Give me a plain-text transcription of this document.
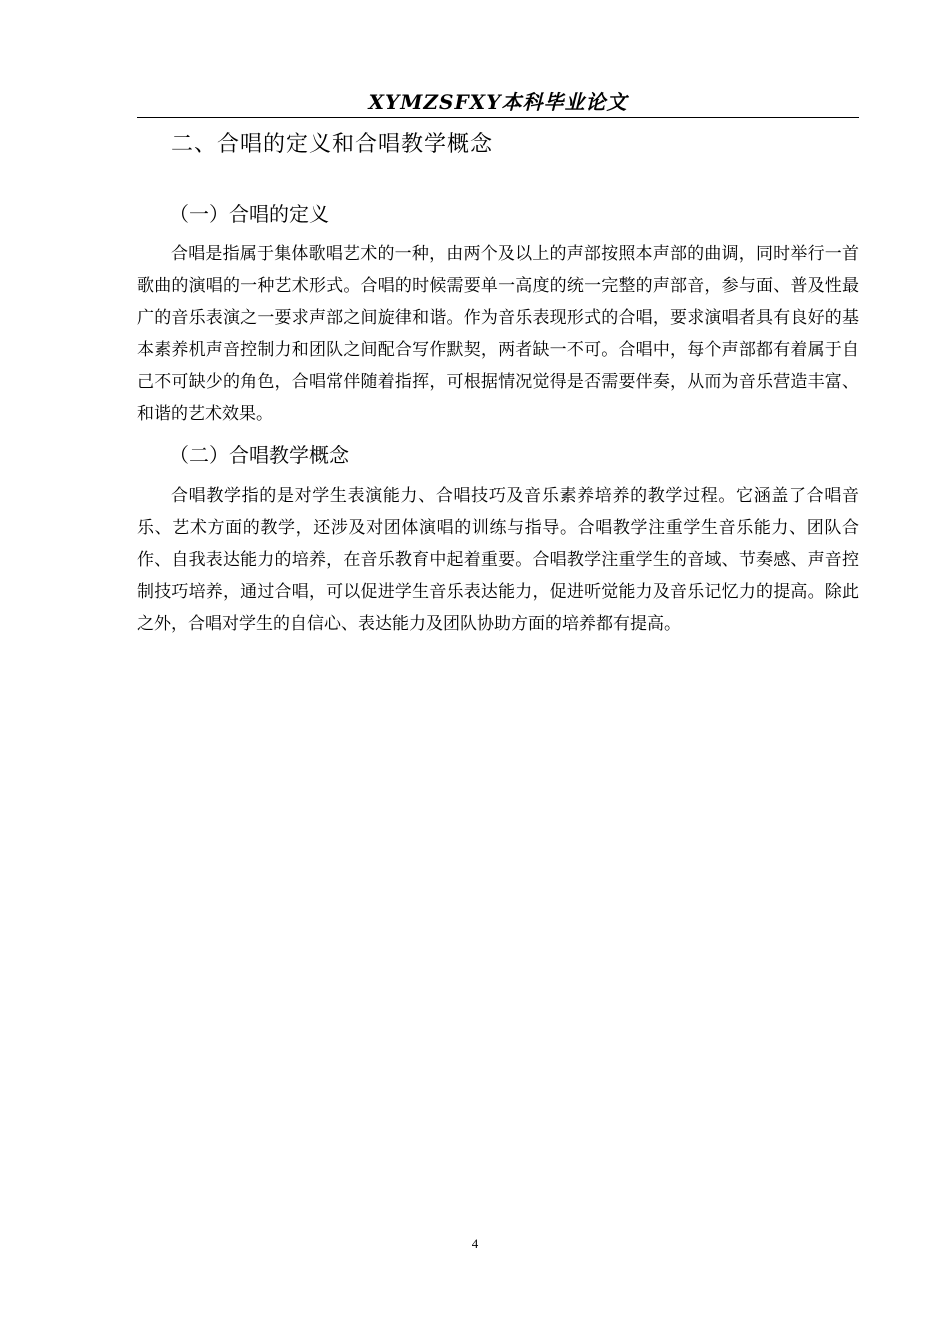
XYMZSFXY本科毕业论文
二、合唱的定义和合唱教学概念
（一）合唱的定义

合唱是指属于集体歌唱艺术的一种，由两个及以上的声部按照本声部的曲调，同时举行一首歌曲的演唱的一种艺术形式。合唱的时候需要单一高度的统一完整的声部音，参与面、普及性最广的音乐表演之一要求声部之间旋律和谐。作为音乐表现形式的合唱，要求演唱者具有良好的基本素养机声音控制力和团队之间配合写作默契，两者缺一不可。合唱中，每个声部都有着属于自己不可缺少的角色，合唱常伴随着指挥，可根据情况觉得是否需要伴奏，从而为音乐营造丰富、和谐的艺术效果。

（二）合唱教学概念

合唱教学指的是对学生表演能力、合唱技巧及音乐素养培养的教学过程。它涵盖了合唱音乐、艺术方面的教学，还涉及对团体演唱的训练与指导。合唱教学注重学生音乐能力、团队合作、自我表达能力的培养，在音乐教育中起着重要。合唱教学注重学生的音域、节奏感、声音控制技巧培养，通过合唱，可以促进学生音乐表达能力，促进听觉能力及音乐记忆力的提高。除此之外，合唱对学生的自信心、表达能力及团队协助方面的培养都有提高。

4
